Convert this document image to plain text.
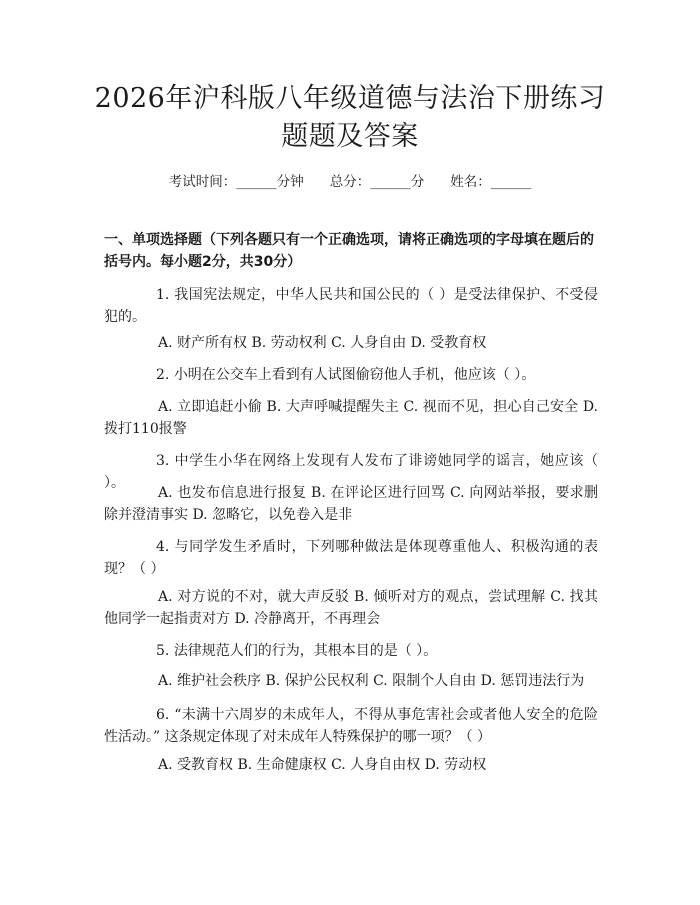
2026年沪科版八年级道德与法治下册练习题题及答案
考试时间：______分钟 总分：______分 姓名：______
一、单项选择题（下列各题只有一个正确选项，请将正确选项的字母填在题后的括号内。每小题2分，共30分）
1. 我国宪法规定，中华人民共和国公民的（ ）是受法律保护、不受侵犯的。
A. 财产所有权 B. 劳动权利 C. 人身自由 D. 受教育权
2. 小明在公交车上看到有人试图偷窃他人手机，他应该（ ）。
A. 立即追赶小偷 B. 大声呼喊提醒失主 C. 视而不见，担心自己安全 D. 拨打110报警
3. 中学生小华在网络上发现有人发布了诽谤她同学的谣言，她应该（ ）。
A. 也发布信息进行报复 B. 在评论区进行回骂 C. 向网站举报，要求删除并澄清事实 D. 忽略它，以免卷入是非
4. 与同学发生矛盾时，下列哪种做法是体现尊重他人、积极沟通的表现？（ ）
A. 对方说的不对，就大声反驳 B. 倾听对方的观点，尝试理解 C. 找其他同学一起指责对方 D. 冷静离开，不再理会
5. 法律规范人们的行为，其根本目的是（ ）。
A. 维护社会秩序 B. 保护公民权利 C. 限制个人自由 D. 惩罚违法行为
6. “未满十六周岁的未成年人，不得从事危害社会或者他人安全的危险性活动。” 这条规定体现了对未成年人特殊保护的哪一项？（ ）
A. 受教育权 B. 生命健康权 C. 人身自由权 D. 劳动权
